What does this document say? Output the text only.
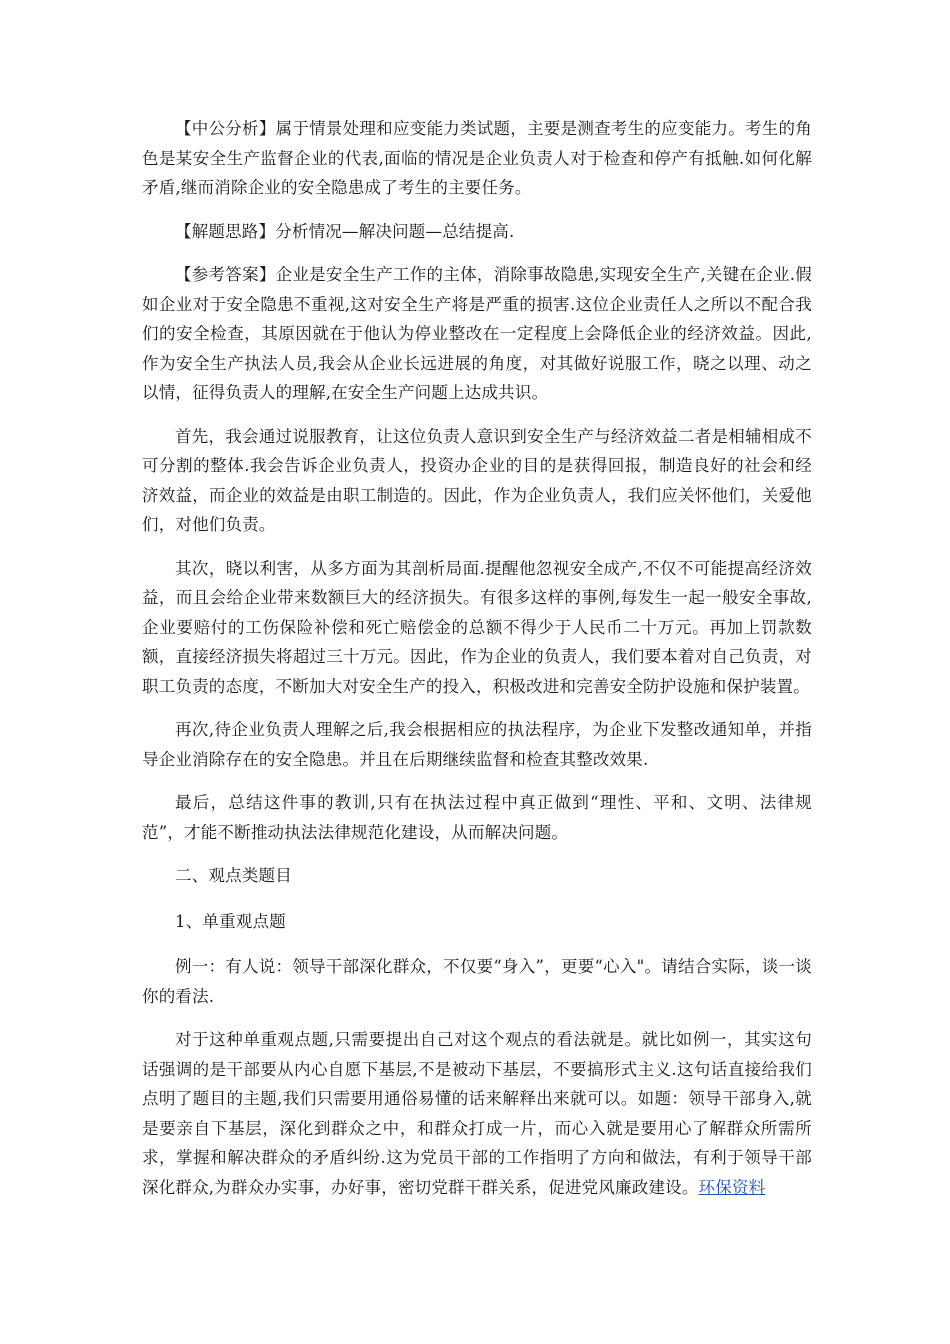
【中公分析】属于情景处理和应变能力类试题，主要是测查考生的应变能力。考生的角色是某安全生产监督企业的代表,面临的情况是企业负责人对于检查和停产有抵触.如何化解矛盾,继而消除企业的安全隐患成了考生的主要任务。

【解题思路】分析情况—解决问题—总结提高.

【参考答案】企业是安全生产工作的主体，消除事故隐患,实现安全生产,关键在企业.假如企业对于安全隐患不重视,这对安全生产将是严重的损害.这位企业责任人之所以不配合我们的安全检查，其原因就在于他认为停业整改在一定程度上会降低企业的经济效益。因此,作为安全生产执法人员,我会从企业长远进展的角度，对其做好说服工作，晓之以理、动之以情，征得负责人的理解,在安全生产问题上达成共识。

首先，我会通过说服教育，让这位负责人意识到安全生产与经济效益二者是相辅相成不可分割的整体.我会告诉企业负责人，投资办企业的目的是获得回报，制造良好的社会和经济效益，而企业的效益是由职工制造的。因此，作为企业负责人，我们应关怀他们，关爱他们，对他们负责。

其次，晓以利害，从多方面为其剖析局面.提醒他忽视安全成产,不仅不可能提高经济效益，而且会给企业带来数额巨大的经济损失。有很多这样的事例,每发生一起一般安全事故,企业要赔付的工伤保险补偿和死亡赔偿金的总额不得少于人民币二十万元。再加上罚款数额，直接经济损失将超过三十万元。因此，作为企业的负责人，我们要本着对自己负责，对职工负责的态度，不断加大对安全生产的投入，积极改进和完善安全防护设施和保护装置。

再次,待企业负责人理解之后,我会根据相应的执法程序，为企业下发整改通知单，并指导企业消除存在的安全隐患。并且在后期继续监督和检查其整改效果.

最后，总结这件事的教训,只有在执法过程中真正做到“理性、平和、文明、法律规范”，才能不断推动执法法律规范化建设，从而解决问题。

二、观点类题目

1、单重观点题

例一：有人说：领导干部深化群众，不仅要“身入”，更要“心入"。请结合实际，谈一谈你的看法.

对于这种单重观点题,只需要提出自己对这个观点的看法就是。就比如例一，其实这句话强调的是干部要从内心自愿下基层,不是被动下基层，不要搞形式主义.这句话直接给我们点明了题目的主题,我们只需要用通俗易懂的话来解释出来就可以。如题：领导干部身入,就是要亲自下基层，深化到群众之中，和群众打成一片，而心入就是要用心了解群众所需所求，掌握和解决群众的矛盾纠纷.这为党员干部的工作指明了方向和做法，有利于领导干部深化群众,为群众办实事，办好事，密切党群干群关系，促进党风廉政建设。环保资料
